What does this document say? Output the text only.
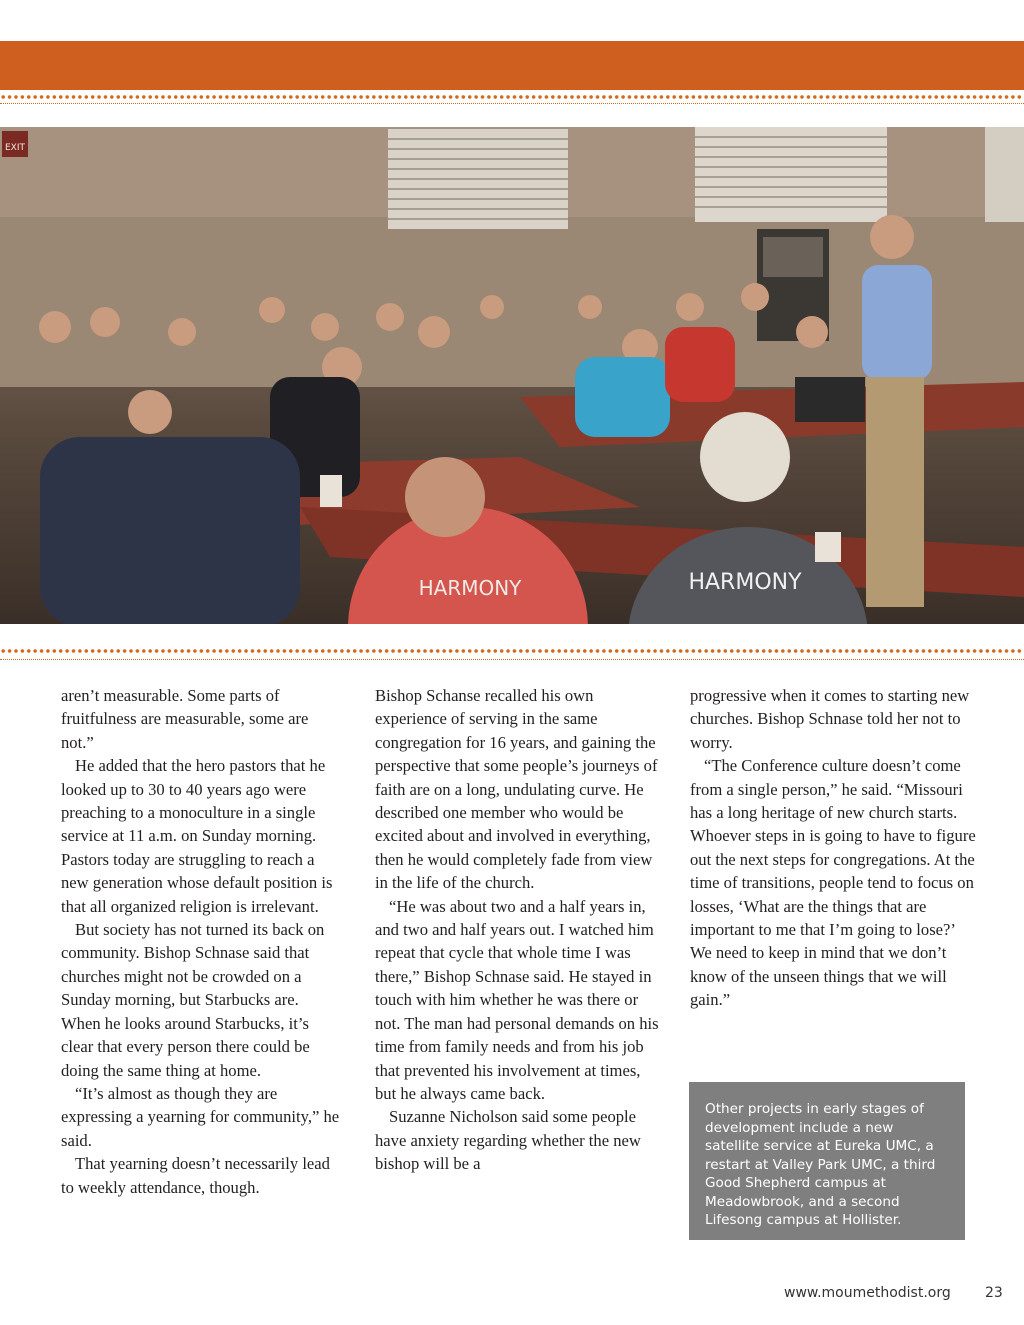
EXIT
HARMONY	HARMONY

aren’t measurable. Some parts of fruitfulness are measurable, some are not.”

He added that the hero pastors that he looked up to 30 to 40 years ago were preaching to a monoculture in a single service at 11 a.m. on Sunday morning. Pastors today are struggling to reach a new generation whose default position is that all organized religion is irrelevant.

But society has not turned its back on community. Bishop Schnase said that churches might not be crowded on a Sunday morning, but Starbucks are. When he looks around Starbucks, it’s clear that every person there could be doing the same thing at home.

“It’s almost as though they are expressing a yearning for community,” he said.

That yearning doesn’t necessarily lead to weekly attendance, though.

Bishop Schanse recalled his own experience of serving in the same congregation for 16 years, and gaining the perspective that some people’s journeys of faith are on a long, undulating curve. He described one member who would be excited about and involved in everything, then he would completely fade from view in the life of the church.

“He was about two and a half years in, and two and half years out. I watched him repeat that cycle that whole time I was there,” Bishop Schnase said. He stayed in touch with him whether he was there or not. The man had personal demands on his time from family needs and from his job that prevented his involvement at times, but he always came back.

Suzanne Nicholson said some people have anxiety regarding whether the new bishop will be a

progressive when it comes to starting new churches. Bishop Schnase told her not to worry.

“The Conference culture doesn’t come from a single person,” he said. “Missouri has a long heritage of new church starts. Whoever steps in is going to have to figure out the next steps for congregations. At the time of transitions, people tend to focus on losses, ‘What are the things that are important to me that I’m going to lose?’ We need to keep in mind that we don’t know of the unseen things that we will gain.”

Other projects in early stages of development include a new satellite service at Eureka UMC, a restart at Valley Park UMC, a third Good Shepherd campus at Meadowbrook, and a second Lifesong campus at Hollister.

www.moumethodist.org 23
